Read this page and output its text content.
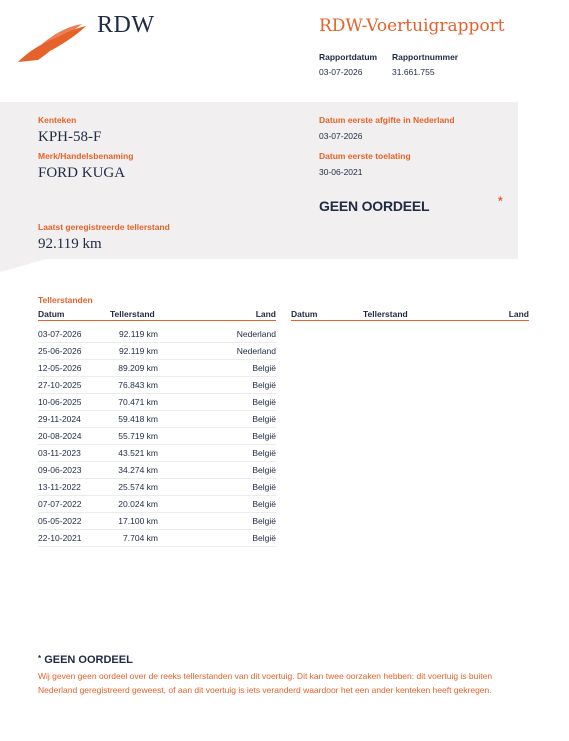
RDW	RDW-Voertuigrapport
Rapportdatum
03-07-2026
Rapportnummer
31.661.755
Kenteken
KPH-58-F
Merk/Handelsbenaming
FORD KUGA
Laatst geregistreerde tellerstand
92.119 km
Datum eerste afgifte in Nederland
03-07-2026
Datum eerste toelating
30-06-2021
GEEN OORDEEL	*
Tellerstanden
Datum	Tellerstand	Land
03-07-2026	92.119 km	Nederland
25-06-2026	92.119 km	Nederland
12-05-2026	89.209 km	België
27-10-2025	76.843 km	België
10-06-2025	70.471 km	België
29-11-2024	59.418 km	België
20-08-2024	55.719 km	België
03-11-2023	43.521 km	België
09-06-2023	34.274 km	België
13-11-2022	25.574 km	België
07-07-2022	20.024 km	België
05-05-2022	17.100 km	België
22-10-2021	7.704 km	België
Datum	Tellerstand	Land
* GEEN OORDEEL
Wij geven geen oordeel over de reeks tellerstanden van dit voertuig. Dit kan twee oorzaken hebben: dit voertuig is buiten Nederland geregistreerd geweest, of aan dit voertuig is iets veranderd waardoor het een ander kenteken heeft gekregen.
